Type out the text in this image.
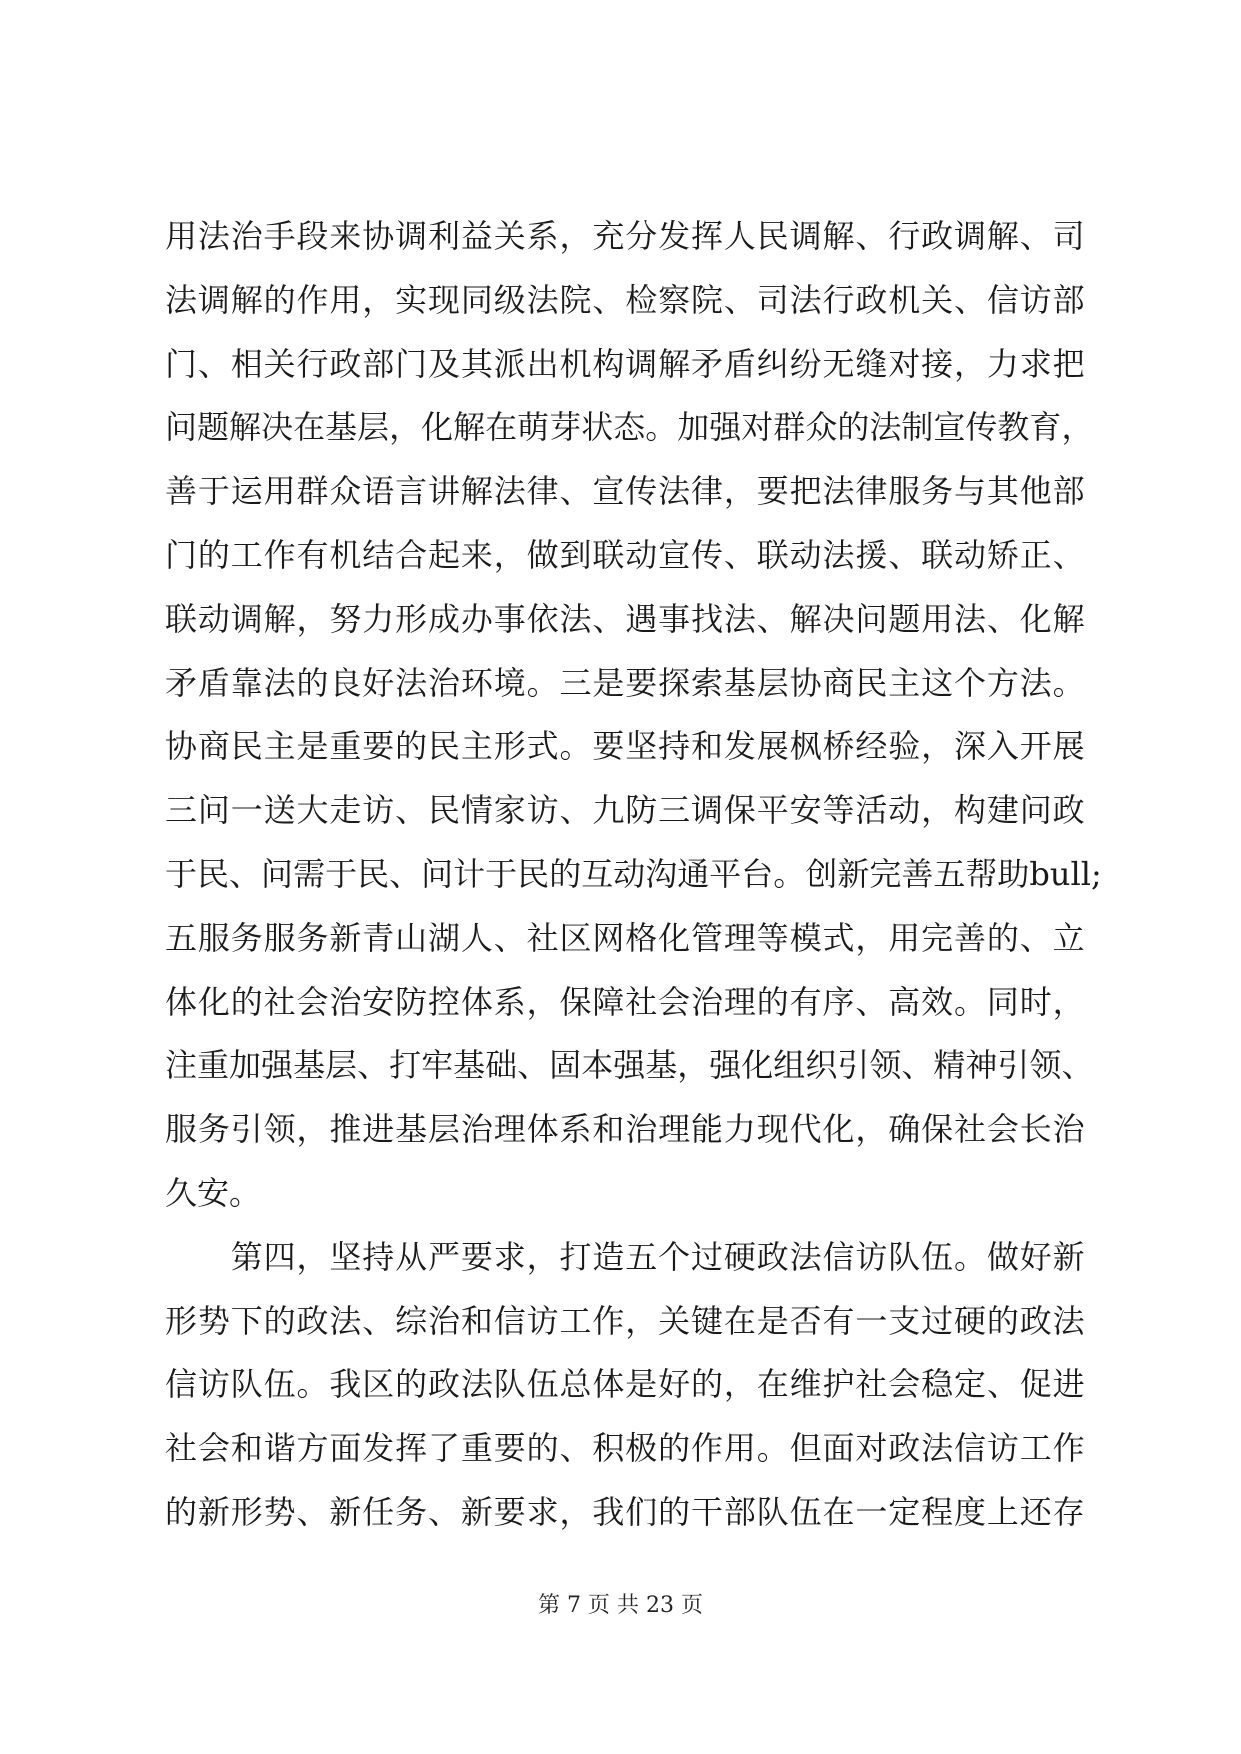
用 法 治 手 段 来 协 调 利 益 关 系 ， 充 分 发 挥 人 民 调 解 、 行 政 调 解 、 司
法 调 解 的 作 用 ， 实 现 同 级 法 院 、 检 察 院 、 司 法 行 政 机 关 、 信 访 部
门 、 相 关 行 政 部 门 及 其 派 出 机 构 调 解 矛 盾 纠 纷 无 缝 对 接 ， 力 求 把
问 题 解 决 在 基 层 ， 化 解 在 萌 芽 状 态 。 加 强 对 群 众 的 法 制 宣 传 教 育 ，
善 于 运 用 群 众 语 言 讲 解 法 律 、 宣 传 法 律 ， 要 把 法 律 服 务 与 其 他 部
门 的 工 作 有 机 结 合 起 来 ， 做 到 联 动 宣 传 、 联 动 法 援 、 联 动 矫 正 、
联 动 调 解 ， 努 力 形 成 办 事 依 法 、 遇 事 找 法 、 解 决 问 题 用 法 、 化 解
矛 盾 靠 法 的 良 好 法 治 环 境 。 三 是 要 探 索 基 层 协 商 民 主 这 个 方 法 。
协 商 民 主 是 重 要 的 民 主 形 式 。 要 坚 持 和 发 展 枫 桥 经 验 ， 深 入 开 展
三 问 一 送 大 走 访 、 民 情 家 访 、 九 防 三 调 保 平 安 等 活 动 ， 构 建 问 政
于 民 、 问 需 于 民 、 问 计 于 民 的 互 动 沟 通 平 台 。 创 新 完 善 五 帮 助 bull;
五 服 务 服 务 新 青 山 湖 人 、 社 区 网 格 化 管 理 等 模 式 ， 用 完 善 的 、 立
体 化 的 社 会 治 安 防 控 体 系 ， 保 障 社 会 治 理 的 有 序 、 高 效 。 同 时 ，
注 重 加 强 基 层 、 打 牢 基 础 、 固 本 强 基 ， 强 化 组 织 引 领 、 精 神 引 领 、
服 务 引 领 ， 推 进 基 层 治 理 体 系 和 治 理 能 力 现 代 化 ， 确 保 社 会 长 治
久 安 。

第 四 ， 坚 持 从 严 要 求 ， 打 造 五 个 过 硬 政 法 信 访 队 伍 。 做 好 新
形 势 下 的 政 法 、 综 治 和 信 访 工 作 ， 关 键 在 是 否 有 一 支 过 硬 的 政 法
信 访 队 伍 。 我 区 的 政 法 队 伍 总 体 是 好 的 ， 在 维 护 社 会 稳 定 、 促 进
社 会 和 谐 方 面 发 挥 了 重 要 的 、 积 极 的 作 用 。 但 面 对 政 法 信 访 工 作
的 新 形 势 、 新 任 务 、 新 要 求 ， 我 们 的 干 部 队 伍 在 一 定 程 度 上 还 存
第 7 页 共 23 页
